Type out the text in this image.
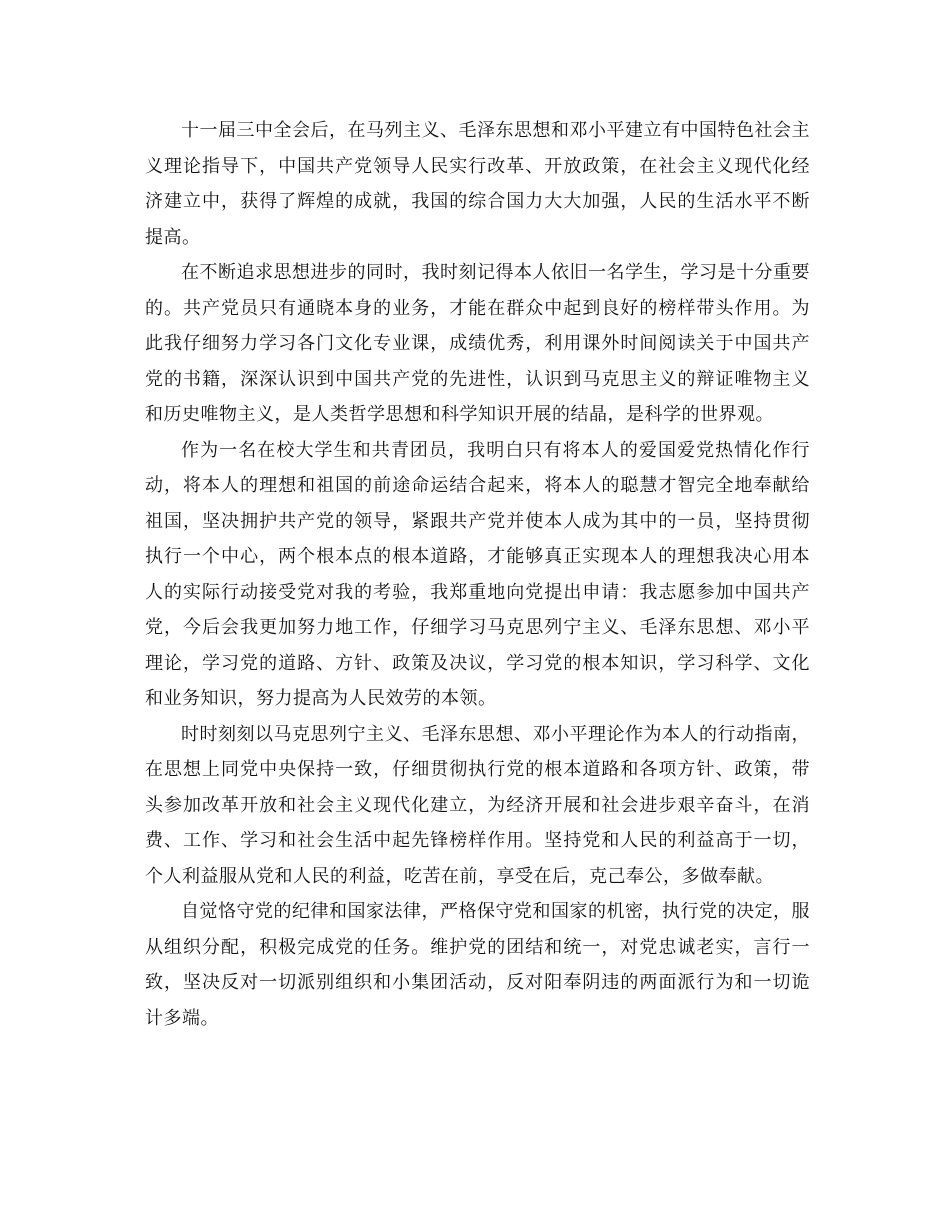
十一届三中全会后，在马列主义、毛泽东思想和邓小平建立有中国特色社会主义理论指导下，中国共产党领导人民实行改革、开放政策，在社会主义现代化经济建立中，获得了辉煌的成就，我国的综合国力大大加强，人民的生活水平不断提高。

在不断追求思想进步的同时，我时刻记得本人依旧一名学生，学习是十分重要的。共产党员只有通晓本身的业务，才能在群众中起到良好的榜样带头作用。为此我仔细努力学习各门文化专业课，成绩优秀，利用课外时间阅读关于中国共产党的书籍，深深认识到中国共产党的先进性，认识到马克思主义的辩证唯物主义和历史唯物主义，是人类哲学思想和科学知识开展的结晶，是科学的世界观。

作为一名在校大学生和共青团员，我明白只有将本人的爱国爱党热情化作行动，将本人的理想和祖国的前途命运结合起来，将本人的聪慧才智完全地奉献给祖国，坚决拥护共产党的领导，紧跟共产党并使本人成为其中的一员，坚持贯彻执行一个中心，两个根本点的根本道路，才能够真正实现本人的理想我决心用本人的实际行动接受党对我的考验，我郑重地向党提出申请：我志愿参加中国共产党，今后会我更加努力地工作，仔细学习马克思列宁主义、毛泽东思想、邓小平理论，学习党的道路、方针、政策及决议，学习党的根本知识，学习科学、文化和业务知识，努力提高为人民效劳的本领。

时时刻刻以马克思列宁主义、毛泽东思想、邓小平理论作为本人的行动指南，在思想上同党中央保持一致，仔细贯彻执行党的根本道路和各项方针、政策，带头参加改革开放和社会主义现代化建立，为经济开展和社会进步艰辛奋斗，在消费、工作、学习和社会生活中起先锋榜样作用。坚持党和人民的利益高于一切，个人利益服从党和人民的利益，吃苦在前，享受在后，克己奉公，多做奉献。

自觉恪守党的纪律和国家法律，严格保守党和国家的机密，执行党的决定，服从组织分配，积极完成党的任务。维护党的团结和统一，对党忠诚老实，言行一致，坚决反对一切派别组织和小集团活动，反对阳奉阴违的两面派行为和一切诡计多端。
